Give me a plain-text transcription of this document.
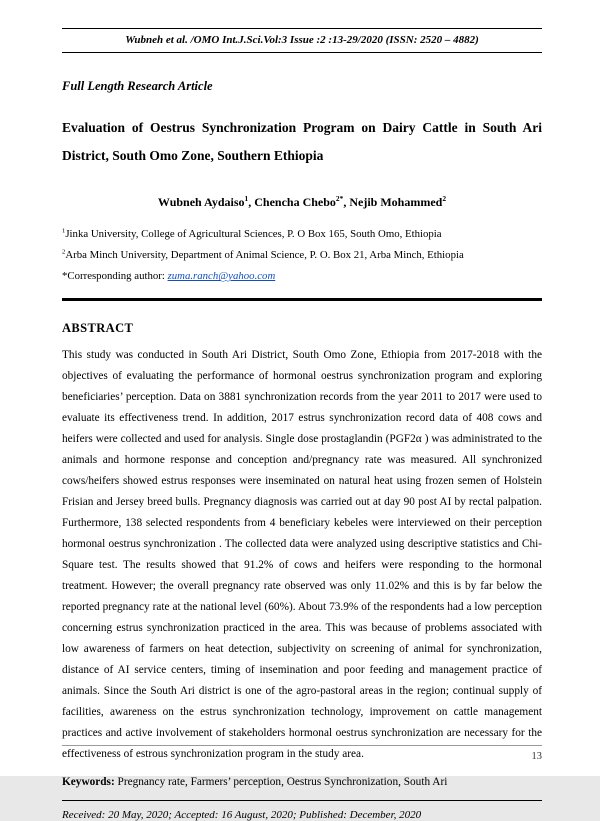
Wubneh et al. /OMO Int.J.Sci.Vol:3 Issue :2 :13-29/2020 (ISSN: 2520 – 4882)
Full Length Research Article
Evaluation of Oestrus Synchronization Program on Dairy Cattle in South Ari District, South Omo Zone, Southern Ethiopia
Wubneh Aydaiso$^1$, Chencha Chebo$^{2*}$, Nejib Mohammed$^2$
$^1$Jinka University, College of Agricultural Sciences, P. O Box 165, South Omo, Ethiopia
$^2$Arba Minch University, Department of Animal Science, P. O. Box 21, Arba Minch, Ethiopia
*Corresponding author: zuma.ranch@yahoo.com
ABSTRACT
This study was conducted in South Ari District, South Omo Zone, Ethiopia from 2017-2018 with the objectives of evaluating the performance of hormonal oestrus synchronization program and exploring beneficiaries’ perception. Data on 3881 synchronization records from the year 2011 to 2017 were used to evaluate its effectiveness trend. In addition, 2017 estrus synchronization record data of 408 cows and heifers were collected and used for analysis. Single dose prostaglandin (PGF2α ) was administrated to the animals and hormone response and conception and/pregnancy rate was measured. All synchronized cows/heifers showed estrus responses were inseminated on natural heat using frozen semen of Holstein Frisian and Jersey breed bulls. Pregnancy diagnosis was carried out at day 90 post AI by rectal palpation. Furthermore, 138 selected respondents from 4 beneficiary kebeles were interviewed on their perception hormonal oestrus synchronization . The collected data were analyzed using descriptive statistics and Chi-Square test. The results showed that 91.2% of cows and heifers were responding to the hormonal treatment. However; the overall pregnancy rate observed was only 11.02% and this is by far below the reported pregnancy rate at the national level (60%). About 73.9% of the respondents had a low perception concerning estrus synchronization practiced in the area. This was because of problems associated with low awareness of farmers on heat detection, subjectivity on screening of animal for synchronization, distance of AI service centers, timing of insemination and poor feeding and management practice of animals. Since the South Ari district is one of the agro-pastoral areas in the region; continual supply of facilities, awareness on the estrus synchronization technology, improvement on cattle management practices and active involvement of stakeholders hormonal oestrus synchronization are necessary for the effectiveness of estrous synchronization program in the study area.
Keywords: Pregnancy rate, Farmers’ perception, Oestrus Synchronization, South Ari
Received: 20 May, 2020; Accepted: 16 August, 2020; Published: December, 2020
13
